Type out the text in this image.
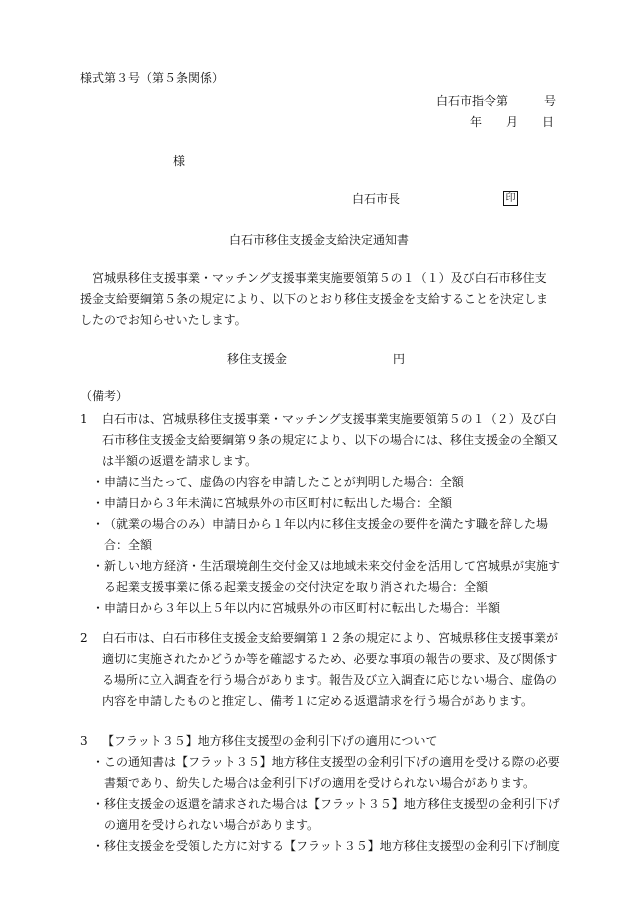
様式第３号（第５条関係）
白石市指令第　　　号
年　　月　　日
様
白石市長	印
白石市移住支援金支給決定通知書

宮城県移住支援事業・マッチング支援事業実施要領第５の１（１）及び白石市移住支援金支給要綱第５条の規定により、以下のとおり移住支援金を支給することを決定しましたのでお知らせいたします。

移住支援金	円
（備考）
1 白石市は、宮城県移住支援事業・マッチング支援事業実施要領第５の１（２）及び白石市移住支援金支給要綱第９条の規定により、以下の場合には、移住支援金の全額又は半額の返還を請求します。
・ 申請に当たって、虚偽の内容を申請したことが判明した場合：全額
・ 申請日から３年未満に宮城県外の市区町村に転出した場合：全額
・ （就業の場合のみ）申請日から１年以内に移住支援金の要件を満たす職を辞した場合：全額
・ 新しい地方経済・生活環境創生交付金又は地域未来交付金を活用して宮城県が実施する起業支援事業に係る起業支援金の交付決定を取り消された場合：全額
・ 申請日から３年以上５年以内に宮城県外の市区町村に転出した場合：半額
2 白石市は、白石市移住支援金支給要綱第１２条の規定により、宮城県移住支援事業が適切に実施されたかどうか等を確認するため、必要な事項の報告の要求、及び関係する場所に立入調査を行う場合があります。報告及び立入調査に応じない場合、虚偽の内容を申請したものと推定し、備考１に定める返還請求を行う場合があります。
3 【フラット３５】地方移住支援型の金利引下げの適用について
・ この通知書は【フラット３５】地方移住支援型の金利引下げの適用を受ける際の必要書類であり、紛失した場合は金利引下げの適用を受けられない場合があります。
・ 移住支援金の返還を請求された場合は【フラット３５】地方移住支援型の金利引下げの適用を受けられない場合があります。
・ 移住支援金を受領した方に対する【フラット３５】地方移住支援型の金利引下げ制度
